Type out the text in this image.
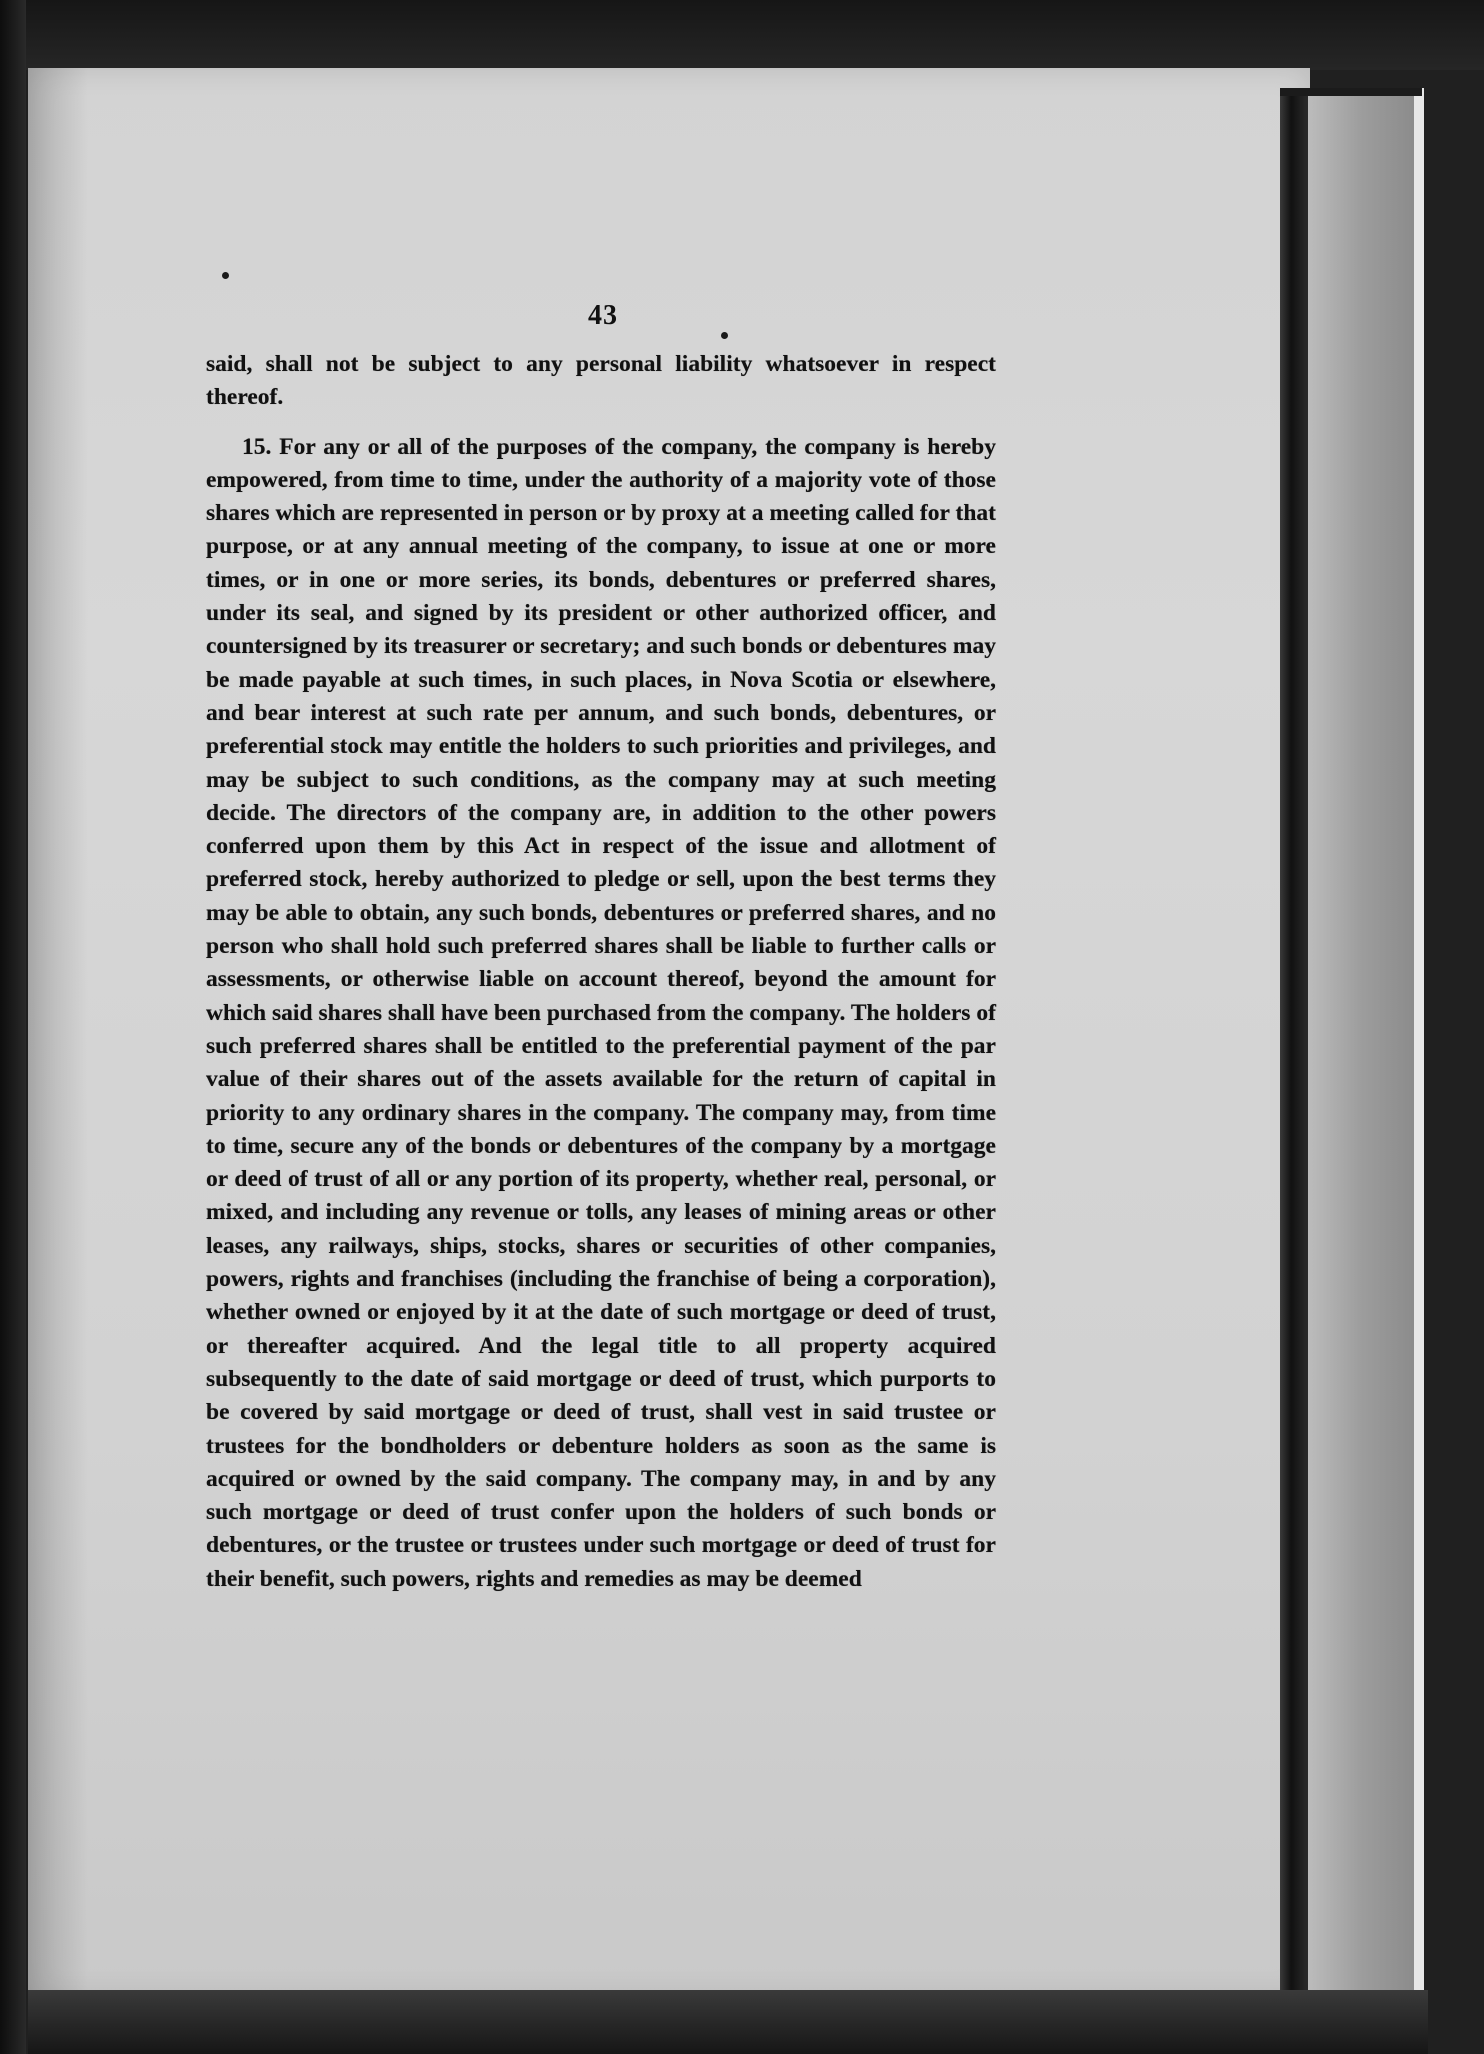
43

said, shall not be subject to any personal liability whatsoever in respect thereof.

15. For any or all of the purposes of the company, the company is hereby empowered, from time to time, under the authority of a majority vote of those shares which are represented in person or by proxy at a meeting called for that purpose, or at any annual meeting of the company, to issue at one or more times, or in one or more series, its bonds, debentures or preferred shares, under its seal, and signed by its president or other authorized officer, and countersigned by its treasurer or secretary; and such bonds or debentures may be made payable at such times, in such places, in Nova Scotia or elsewhere, and bear interest at such rate per annum, and such bonds, debentures, or preferential stock may entitle the holders to such priorities and privileges, and may be subject to such conditions, as the company may at such meeting decide. The directors of the company are, in addition to the other powers conferred upon them by this Act in respect of the issue and allotment of preferred stock, hereby authorized to pledge or sell, upon the best terms they may be able to obtain, any such bonds, debentures or preferred shares, and no person who shall hold such preferred shares shall be liable to further calls or assessments, or otherwise liable on account thereof, beyond the amount for which said shares shall have been purchased from the company. The holders of such preferred shares shall be entitled to the preferential payment of the par value of their shares out of the assets available for the return of capital in priority to any ordinary shares in the company. The company may, from time to time, secure any of the bonds or debentures of the company by a mortgage or deed of trust of all or any portion of its property, whether real, personal, or mixed, and including any revenue or tolls, any leases of mining areas or other leases, any railways, ships, stocks, shares or securities of other companies, powers, rights and franchises (including the franchise of being a corporation), whether owned or enjoyed by it at the date of such mortgage or deed of trust, or thereafter acquired. And the legal title to all property acquired subsequently to the date of said mortgage or deed of trust, which purports to be covered by said mortgage or deed of trust, shall vest in said trustee or trustees for the bondholders or debenture holders as soon as the same is acquired or owned by the said company. The company may, in and by any such mortgage or deed of trust confer upon the holders of such bonds or debentures, or the trustee or trustees under such mortgage or deed of trust for their benefit, such powers, rights and remedies as may be deemed
